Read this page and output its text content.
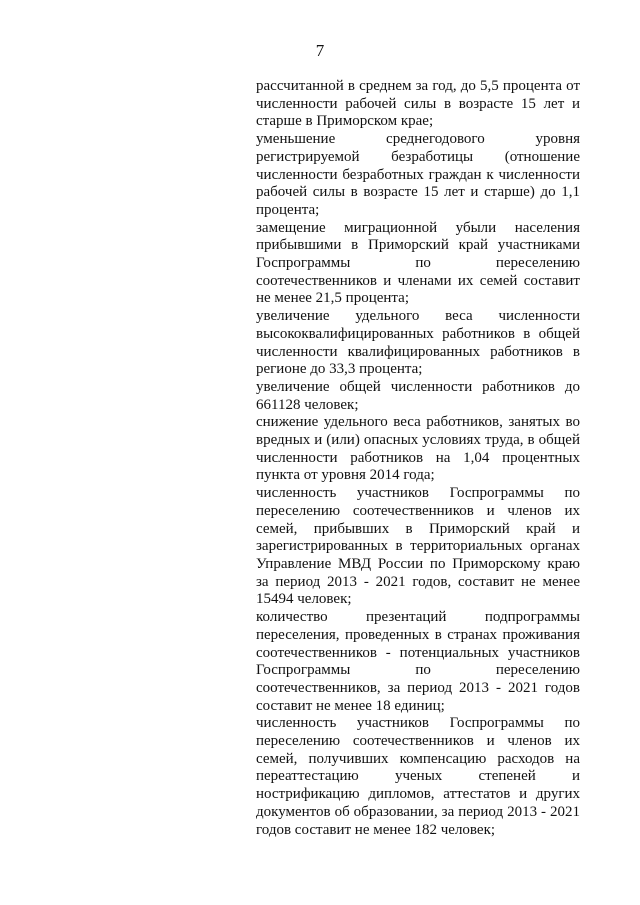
7

рассчитанной в среднем за год, до 5,5 процента от численности рабочей силы в возрасте 15 лет и старше в Приморском крае;

уменьшение среднегодового уровня регистрируемой безработицы (отношение численности безработных граждан к численности рабочей силы в возрасте 15 лет и старше) до 1,1 процента;

замещение миграционной убыли населения прибывшими в Приморский край участниками Госпрограммы по переселению соотечественников и членами их семей составит не менее 21,5 процента;

увеличение удельного веса численности высококвалифицированных работников в общей численности квалифицированных работников в регионе до 33,3 процента;

увеличение общей численности работников до 661128 человек;

снижение удельного веса работников, занятых во вредных и (или) опасных условиях труда, в общей численности работников на 1,04 процентных пункта от уровня 2014 года;

численность участников Госпрограммы по переселению соотечественников и членов их семей, прибывших в Приморский край и зарегистрированных в территориальных органах Управление МВД России по Приморскому краю за период 2013 - 2021 годов, составит не менее 15494 человек;

количество презентаций подпрограммы переселения, проведенных в странах проживания соотечественников - потенциальных участников Госпрограммы по переселению соотечественников, за период 2013 - 2021 годов составит не менее 18 единиц;

численность участников Госпрограммы по переселению соотечественников и членов их семей, получивших компенсацию расходов на переаттестацию ученых степеней и нострификацию дипломов, аттестатов и других документов об образовании, за период 2013 - 2021 годов составит не менее 182 человек;
